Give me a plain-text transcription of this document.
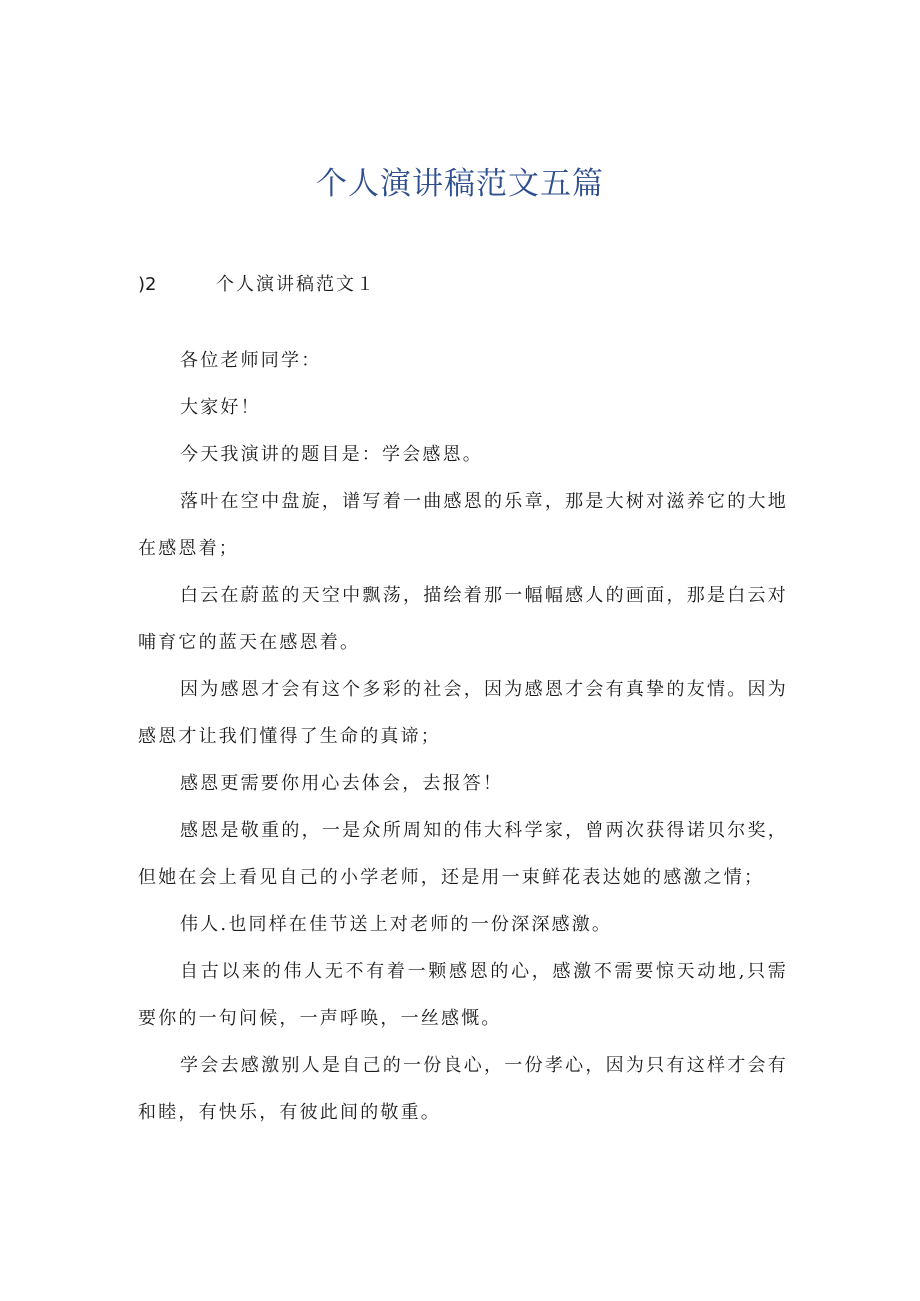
个人演讲稿范文五篇
)2	个人演讲稿范文１

各位老师同学：

大家好！

今天我演讲的题目是：学会感恩。

落叶在空中盘旋，谱写着一曲感恩的乐章，那是大树对滋养它的大地在感恩着；

白云在蔚蓝的天空中飘荡，描绘着那一幅幅感人的画面，那是白云对哺育它的蓝天在感恩着。

因为感恩才会有这个多彩的社会，因为感恩才会有真挚的友情。因为感恩才让我们懂得了生命的真谛；

感恩更需要你用心去体会，去报答！

感恩是敬重的，一是众所周知的伟大科学家，曾两次获得诺贝尔奖，但她在会上看见自己的小学老师，还是用一束鲜花表达她的感激之情；

伟人.也同样在佳节送上对老师的一份深深感激。

自古以来的伟人无不有着一颗感恩的心，感激不需要惊天动地,只需要你的一句问候，一声呼唤，一丝感慨。

学会去感激别人是自己的一份良心，一份孝心，因为只有这样才会有和睦，有快乐，有彼此间的敬重。
